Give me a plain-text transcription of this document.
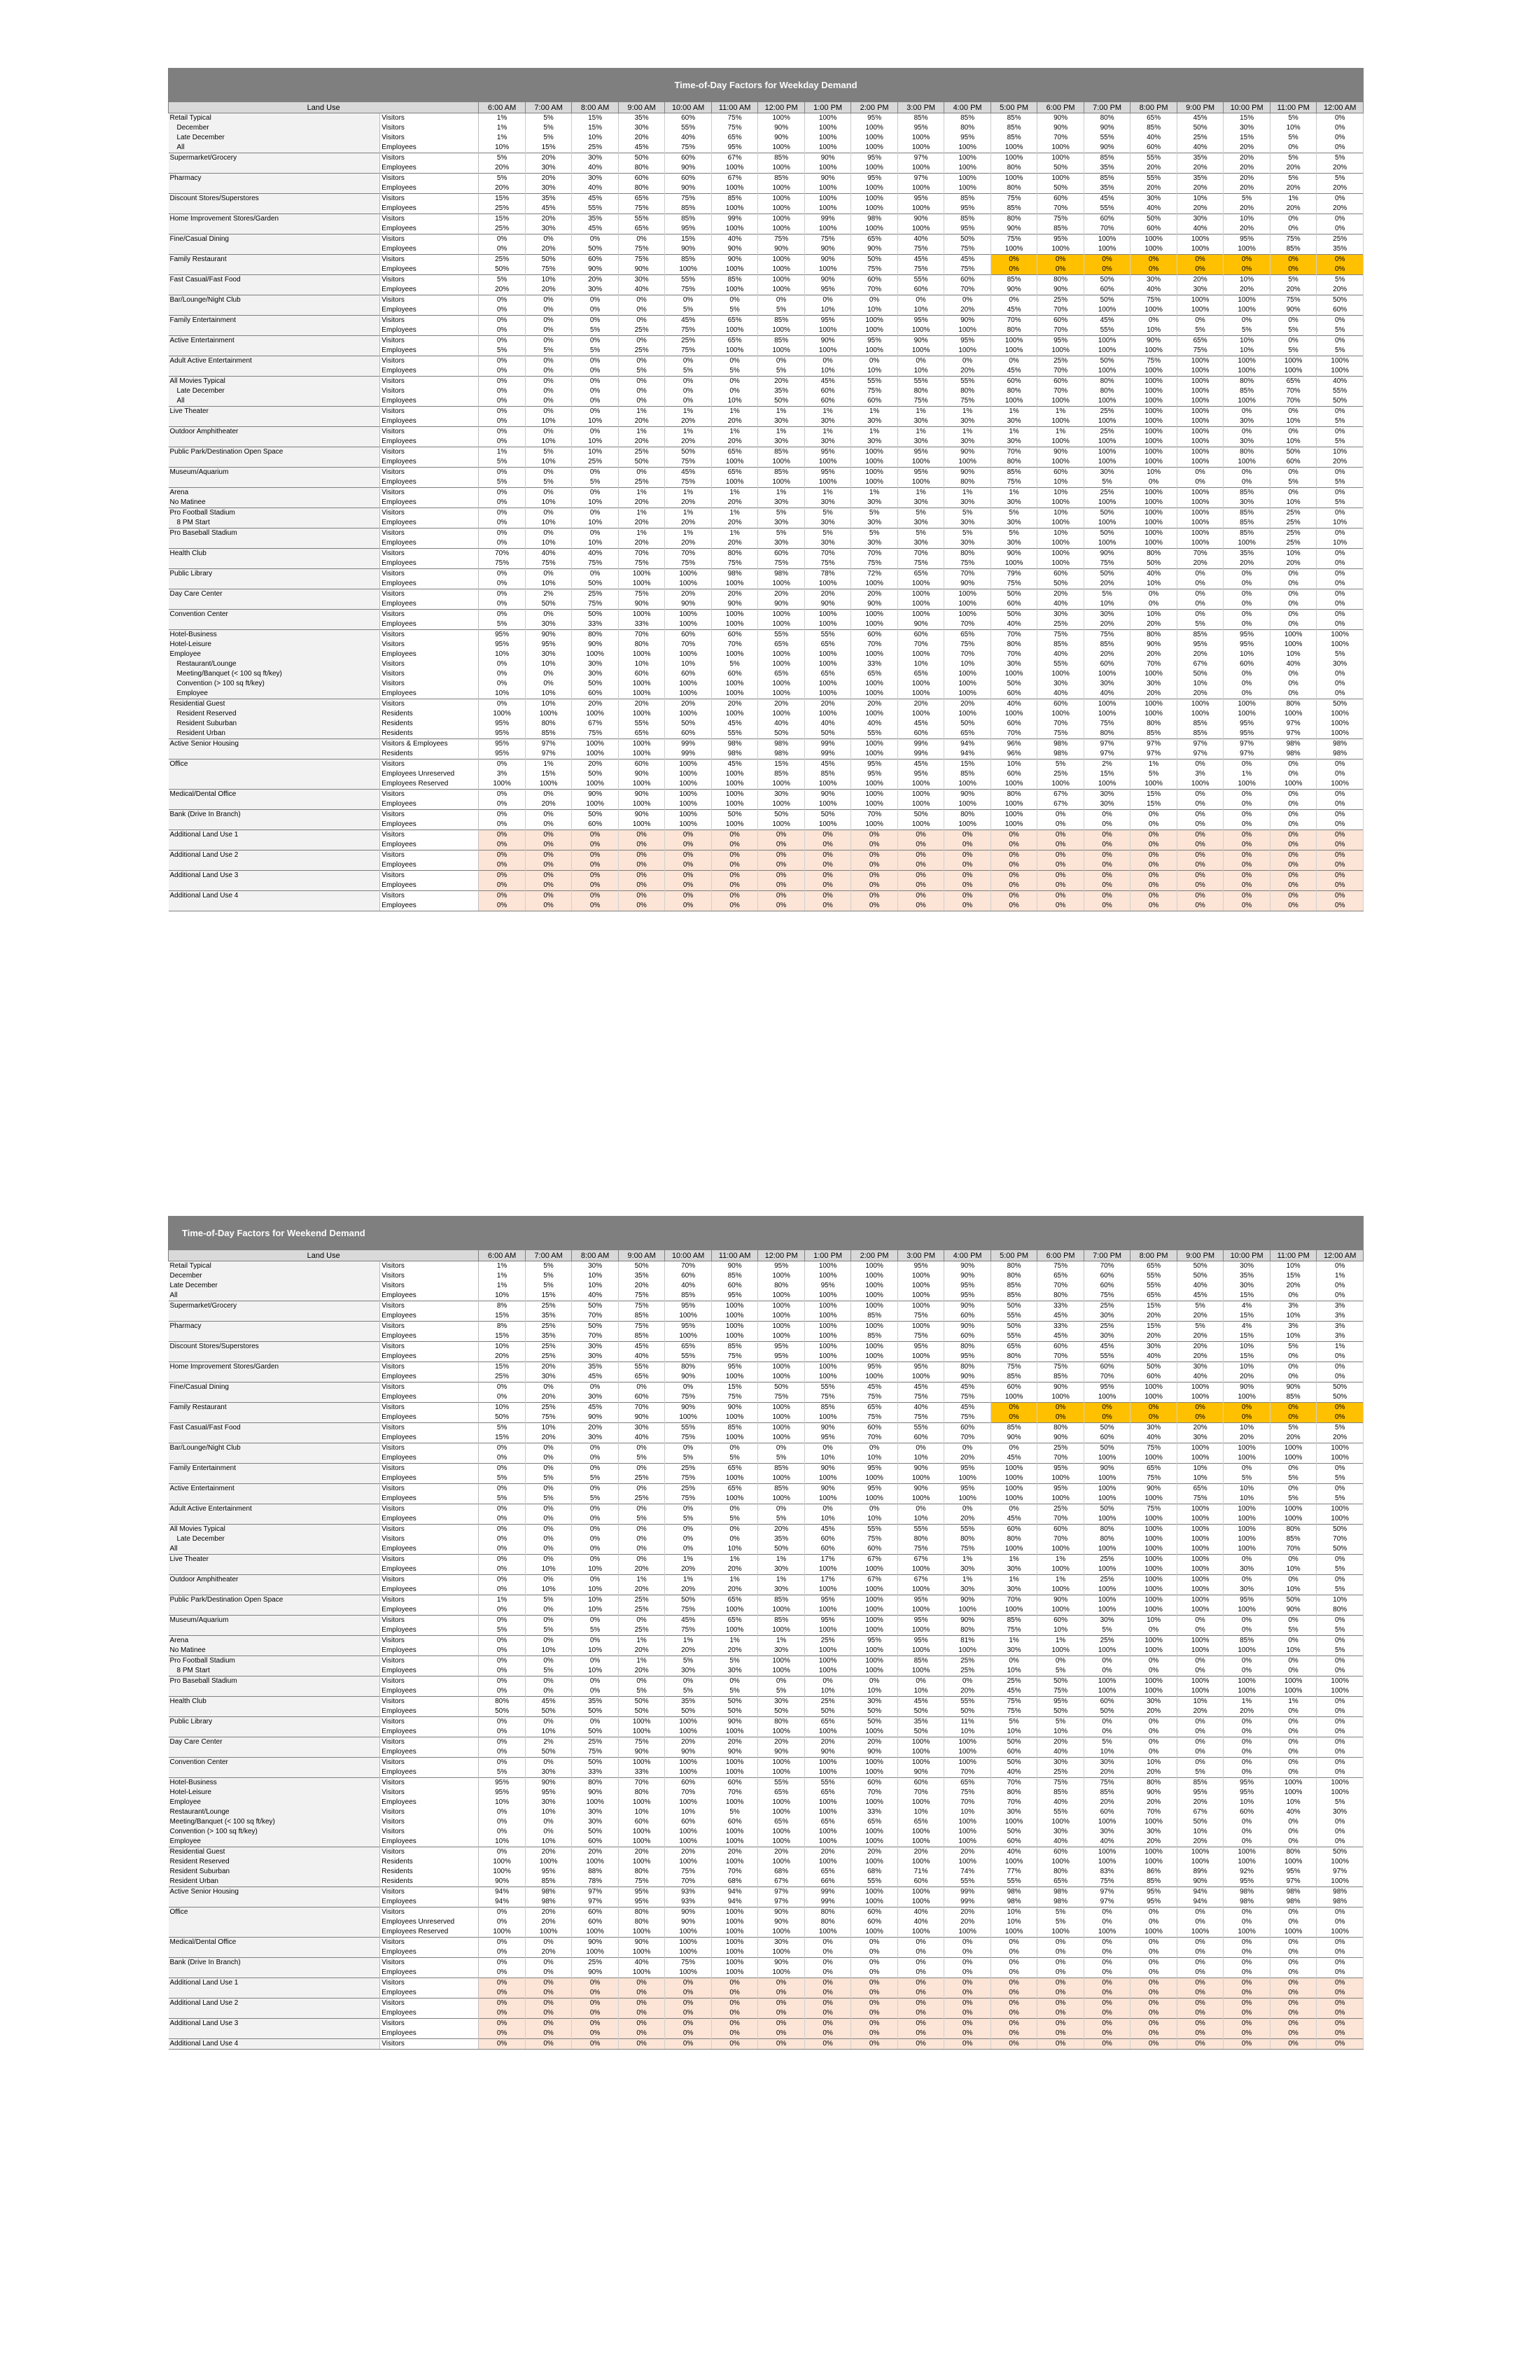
Time-of-Day Factors for Weekday Demand
Land Use		6:00 AM	7:00 AM	8:00 AM	9:00 AM	10:00 AM	11:00 AM	12:00 PM	1:00 PM	2:00 PM	3:00 PM	4:00 PM	5:00 PM	6:00 PM	7:00 PM	8:00 PM	9:00 PM	10:00 PM	11:00 PM	12:00 AM
Retail Typical	Visitors	1%	5%	15%	35%	60%	75%	100%	100%	95%	85%	85%	85%	90%	80%	65%	45%	15%	5%	0%
December	Visitors	1%	5%	15%	30%	55%	75%	90%	100%	100%	95%	80%	85%	90%	90%	85%	50%	30%	10%	0%
Late December	Visitors	1%	5%	10%	20%	40%	65%	90%	100%	100%	100%	95%	85%	70%	55%	40%	25%	15%	5%	0%
All	Employees	10%	15%	25%	45%	75%	95%	100%	100%	100%	100%	100%	100%	100%	90%	60%	40%	20%	0%	0%
Supermarket/Grocery	Visitors	5%	20%	30%	50%	60%	67%	85%	90%	95%	97%	100%	100%	100%	85%	55%	35%	20%	5%	5%
	Employees	20%	30%	40%	80%	90%	100%	100%	100%	100%	100%	100%	80%	50%	35%	20%	20%	20%	20%	20%
Pharmacy	Visitors	5%	20%	30%	60%	60%	67%	85%	90%	95%	97%	100%	100%	100%	85%	55%	35%	20%	5%	5%
	Employees	20%	30%	40%	80%	90%	100%	100%	100%	100%	100%	100%	80%	50%	35%	20%	20%	20%	20%	20%
Discount Stores/Superstores	Visitors	15%	35%	45%	65%	75%	85%	100%	100%	100%	95%	85%	75%	60%	45%	30%	10%	5%	1%	0%
	Employees	25%	45%	55%	75%	85%	100%	100%	100%	100%	100%	95%	85%	70%	55%	40%	20%	20%	20%	20%
Home Improvement Stores/Garden	Visitors	15%	20%	35%	55%	85%	99%	100%	99%	98%	90%	85%	80%	75%	60%	50%	30%	10%	0%	0%
	Employees	25%	30%	45%	65%	95%	100%	100%	100%	100%	100%	95%	90%	85%	70%	60%	40%	20%	0%	0%
Fine/Casual Dining	Visitors	0%	0%	0%	0%	15%	40%	75%	75%	65%	40%	50%	75%	95%	100%	100%	100%	95%	75%	25%
	Employees	0%	20%	50%	75%	90%	90%	90%	90%	90%	75%	75%	100%	100%	100%	100%	100%	100%	85%	35%
Family Restaurant	Visitors	25%	50%	60%	75%	85%	90%	100%	90%	50%	45%	45%	0%	0%	0%	0%	0%	0%	0%	0%
	Employees	50%	75%	90%	90%	100%	100%	100%	100%	75%	75%	75%	0%	0%	0%	0%	0%	0%	0%	0%
Fast Casual/Fast Food	Visitors	5%	10%	20%	30%	55%	85%	100%	90%	60%	55%	60%	85%	80%	50%	30%	20%	10%	5%	5%
	Employees	20%	20%	30%	40%	75%	100%	100%	95%	70%	60%	70%	90%	90%	60%	40%	30%	20%	20%	20%
Bar/Lounge/Night Club	Visitors	0%	0%	0%	0%	0%	0%	0%	0%	0%	0%	0%	0%	25%	50%	75%	100%	100%	75%	50%
	Employees	0%	0%	0%	0%	5%	5%	5%	10%	10%	10%	20%	45%	70%	100%	100%	100%	100%	90%	60%
Family Entertainment	Visitors	0%	0%	0%	0%	45%	65%	85%	95%	100%	95%	90%	70%	60%	45%	0%	0%	0%	0%	0%
	Employees	0%	0%	5%	25%	75%	100%	100%	100%	100%	100%	100%	80%	70%	55%	10%	5%	5%	5%	5%
Active Entertainment	Visitors	0%	0%	0%	0%	25%	65%	85%	90%	95%	90%	95%	100%	95%	100%	90%	65%	10%	0%	0%
	Employees	5%	5%	5%	25%	75%	100%	100%	100%	100%	100%	100%	100%	100%	100%	100%	75%	10%	5%	5%
Adult Active Entertainment	Visitors	0%	0%	0%	0%	0%	0%	0%	0%	0%	0%	0%	0%	25%	50%	75%	100%	100%	100%	100%
	Employees	0%	0%	0%	5%	5%	5%	5%	10%	10%	10%	20%	45%	70%	100%	100%	100%	100%	100%	100%
All Movies Typical	Visitors	0%	0%	0%	0%	0%	0%	20%	45%	55%	55%	55%	60%	60%	80%	100%	100%	80%	65%	40%
Late December	Visitors	0%	0%	0%	0%	0%	0%	35%	60%	75%	80%	80%	80%	70%	80%	100%	100%	85%	70%	55%
All	Employees	0%	0%	0%	0%	0%	10%	50%	60%	60%	75%	75%	100%	100%	100%	100%	100%	100%	70%	50%
Live Theater	Visitors	0%	0%	0%	1%	1%	1%	1%	1%	1%	1%	1%	1%	1%	25%	100%	100%	0%	0%	0%
	Employees	0%	10%	10%	20%	20%	20%	30%	30%	30%	30%	30%	30%	100%	100%	100%	100%	30%	10%	5%
Outdoor Amphitheater	Visitors	0%	0%	0%	1%	1%	1%	1%	1%	1%	1%	1%	1%	1%	25%	100%	100%	0%	0%	0%
	Employees	0%	10%	10%	20%	20%	20%	30%	30%	30%	30%	30%	30%	100%	100%	100%	100%	30%	10%	5%
Public Park/Destination Open Space	Visitors	1%	5%	10%	25%	50%	65%	85%	95%	100%	95%	90%	70%	90%	100%	100%	100%	80%	50%	10%
	Employees	5%	10%	25%	50%	75%	100%	100%	100%	100%	100%	100%	80%	100%	100%	100%	100%	100%	60%	20%
Museum/Aquarium	Visitors	0%	0%	0%	0%	45%	65%	85%	95%	100%	95%	90%	85%	60%	30%	10%	0%	0%	0%	0%
	Employees	5%	5%	5%	25%	75%	100%	100%	100%	100%	100%	80%	75%	10%	5%	0%	0%	0%	5%	5%
Arena	Visitors	0%	0%	0%	1%	1%	1%	1%	1%	1%	1%	1%	1%	10%	25%	100%	100%	85%	0%	0%
No Matinee	Employees	0%	10%	10%	20%	20%	20%	30%	30%	30%	30%	30%	30%	100%	100%	100%	100%	30%	10%	5%
Pro Football Stadium	Visitors	0%	0%	0%	1%	1%	1%	5%	5%	5%	5%	5%	5%	10%	50%	100%	100%	85%	25%	0%
8 PM Start	Employees	0%	10%	10%	20%	20%	20%	30%	30%	30%	30%	30%	30%	100%	100%	100%	100%	85%	25%	10%
Pro Baseball Stadium	Visitors	0%	0%	0%	1%	1%	1%	5%	5%	5%	5%	5%	5%	10%	50%	100%	100%	85%	25%	0%
	Employees	0%	10%	10%	20%	20%	20%	30%	30%	30%	30%	30%	30%	100%	100%	100%	100%	100%	25%	10%
Health Club	Visitors	70%	40%	40%	70%	70%	80%	60%	70%	70%	70%	80%	90%	100%	90%	80%	70%	35%	10%	0%
	Employees	75%	75%	75%	75%	75%	75%	75%	75%	75%	75%	75%	100%	100%	75%	50%	20%	20%	20%	0%
Public Library	Visitors	0%	0%	0%	100%	100%	98%	98%	78%	72%	65%	70%	79%	60%	50%	40%	0%	0%	0%	0%
	Employees	0%	10%	50%	100%	100%	100%	100%	100%	100%	100%	90%	75%	50%	20%	10%	0%	0%	0%	0%
Day Care Center	Visitors	0%	2%	25%	75%	20%	20%	20%	20%	20%	100%	100%	50%	20%	5%	0%	0%	0%	0%	0%
	Employees	0%	50%	75%	90%	90%	90%	90%	90%	90%	100%	100%	60%	40%	10%	0%	0%	0%	0%	0%
Convention Center	Visitors	0%	0%	50%	100%	100%	100%	100%	100%	100%	100%	100%	50%	30%	30%	10%	0%	0%	0%	0%
	Employees	5%	30%	33%	33%	100%	100%	100%	100%	100%	90%	70%	40%	25%	20%	20%	5%	0%	0%	0%
Hotel-Business	Visitors	95%	90%	80%	70%	60%	60%	55%	55%	60%	60%	65%	70%	75%	75%	80%	85%	95%	100%	100%
Hotel-Leisure	Visitors	95%	95%	90%	80%	70%	70%	65%	65%	70%	70%	75%	80%	85%	85%	90%	95%	95%	100%	100%
Employee	Employees	10%	30%	100%	100%	100%	100%	100%	100%	100%	100%	70%	70%	40%	20%	20%	20%	10%	10%	5%
Restaurant/Lounge	Visitors	0%	10%	30%	10%	10%	5%	100%	100%	33%	10%	10%	30%	55%	60%	70%	67%	60%	40%	30%
Meeting/Banquet (< 100 sq ft/key)	Visitors	0%	0%	30%	60%	60%	60%	65%	65%	65%	65%	100%	100%	100%	100%	100%	50%	0%	0%	0%
Convention (> 100 sq ft/key)	Visitors	0%	0%	50%	100%	100%	100%	100%	100%	100%	100%	100%	50%	30%	30%	30%	10%	0%	0%	0%
Employee	Employees	10%	10%	60%	100%	100%	100%	100%	100%	100%	100%	100%	60%	40%	40%	20%	20%	0%	0%	0%
Residential Guest	Visitors	0%	10%	20%	20%	20%	20%	20%	20%	20%	20%	20%	40%	60%	100%	100%	100%	100%	80%	50%
Resident Reserved	Residents	100%	100%	100%	100%	100%	100%	100%	100%	100%	100%	100%	100%	100%	100%	100%	100%	100%	100%	100%
Resident Suburban	Residents	95%	80%	67%	55%	50%	45%	40%	40%	40%	45%	50%	60%	70%	75%	80%	85%	95%	97%	100%
Resident Urban	Residents	95%	85%	75%	65%	60%	55%	50%	50%	55%	60%	65%	70%	75%	80%	85%	85%	95%	97%	100%
Active Senior Housing	Visitors & Employees	95%	97%	100%	100%	99%	98%	98%	99%	100%	99%	94%	96%	98%	97%	97%	97%	97%	98%	98%
	Residents	95%	97%	100%	100%	99%	98%	98%	99%	100%	99%	94%	96%	98%	97%	97%	97%	97%	98%	98%
Office	Visitors	0%	1%	20%	60%	100%	45%	15%	45%	95%	45%	15%	10%	5%	2%	1%	0%	0%	0%	0%
	Employees Unreserved	3%	15%	50%	90%	100%	100%	85%	85%	95%	95%	85%	60%	25%	15%	5%	3%	1%	0%	0%
	Employees Reserved	100%	100%	100%	100%	100%	100%	100%	100%	100%	100%	100%	100%	100%	100%	100%	100%	100%	100%	100%
Medical/Dental Office	Visitors	0%	0%	90%	90%	100%	100%	30%	90%	100%	100%	90%	80%	67%	30%	15%	0%	0%	0%	0%
	Employees	0%	20%	100%	100%	100%	100%	100%	100%	100%	100%	100%	100%	67%	30%	15%	0%	0%	0%	0%
Bank (Drive In Branch)	Visitors	0%	0%	50%	90%	100%	50%	50%	50%	70%	50%	80%	100%	0%	0%	0%	0%	0%	0%	0%
	Employees	0%	0%	60%	100%	100%	100%	100%	100%	100%	100%	100%	100%	0%	0%	0%	0%	0%	0%	0%
Additional Land Use 1	Visitors	0%	0%	0%	0%	0%	0%	0%	0%	0%	0%	0%	0%	0%	0%	0%	0%	0%	0%	0%
	Employees	0%	0%	0%	0%	0%	0%	0%	0%	0%	0%	0%	0%	0%	0%	0%	0%	0%	0%	0%
Additional Land Use 2	Visitors	0%	0%	0%	0%	0%	0%	0%	0%	0%	0%	0%	0%	0%	0%	0%	0%	0%	0%	0%
	Employees	0%	0%	0%	0%	0%	0%	0%	0%	0%	0%	0%	0%	0%	0%	0%	0%	0%	0%	0%
Additional Land Use 3	Visitors	0%	0%	0%	0%	0%	0%	0%	0%	0%	0%	0%	0%	0%	0%	0%	0%	0%	0%	0%
	Employees	0%	0%	0%	0%	0%	0%	0%	0%	0%	0%	0%	0%	0%	0%	0%	0%	0%	0%	0%
Additional Land Use 4	Visitors	0%	0%	0%	0%	0%	0%	0%	0%	0%	0%	0%	0%	0%	0%	0%	0%	0%	0%	0%
	Employees	0%	0%	0%	0%	0%	0%	0%	0%	0%	0%	0%	0%	0%	0%	0%	0%	0%	0%	0%
Time-of-Day Factors for Weekend Demand
Land Use		6:00 AM	7:00 AM	8:00 AM	9:00 AM	10:00 AM	11:00 AM	12:00 PM	1:00 PM	2:00 PM	3:00 PM	4:00 PM	5:00 PM	6:00 PM	7:00 PM	8:00 PM	9:00 PM	10:00 PM	11:00 PM	12:00 AM
Retail Typical	Visitors	1%	5%	30%	50%	70%	90%	95%	100%	100%	95%	90%	80%	75%	70%	65%	50%	30%	10%	0%
December	Visitors	1%	5%	10%	35%	60%	85%	100%	100%	100%	100%	90%	80%	65%	60%	55%	50%	35%	15%	1%
Late December	Visitors	1%	5%	10%	20%	40%	60%	80%	95%	100%	100%	95%	85%	70%	60%	55%	40%	30%	20%	0%
All	Employees	10%	15%	40%	75%	85%	95%	100%	100%	100%	100%	95%	85%	80%	75%	65%	45%	15%	0%	0%
Supermarket/Grocery	Visitors	8%	25%	50%	75%	95%	100%	100%	100%	100%	100%	90%	50%	33%	25%	15%	5%	4%	3%	3%
	Employees	15%	35%	70%	85%	100%	100%	100%	100%	85%	75%	60%	55%	45%	30%	20%	20%	15%	10%	3%
Pharmacy	Visitors	8%	25%	50%	75%	95%	100%	100%	100%	100%	100%	90%	50%	33%	25%	15%	5%	4%	3%	3%
	Employees	15%	35%	70%	85%	100%	100%	100%	100%	85%	75%	60%	55%	45%	30%	20%	20%	15%	10%	3%
Discount Stores/Superstores	Visitors	10%	25%	30%	45%	65%	85%	95%	100%	100%	95%	80%	65%	60%	45%	30%	20%	10%	5%	1%
	Employees	20%	25%	30%	40%	55%	75%	95%	100%	100%	100%	95%	80%	70%	55%	40%	20%	15%	0%	0%
Home Improvement Stores/Garden	Visitors	15%	20%	35%	55%	80%	95%	100%	100%	95%	95%	80%	75%	75%	60%	50%	30%	10%	0%	0%
	Employees	25%	30%	45%	65%	90%	100%	100%	100%	100%	100%	90%	85%	85%	70%	60%	40%	20%	0%	0%
Fine/Casual Dining	Visitors	0%	0%	0%	0%	0%	15%	50%	55%	45%	45%	45%	60%	90%	95%	100%	100%	90%	90%	50%
	Employees	0%	20%	30%	60%	75%	75%	75%	75%	75%	75%	75%	100%	100%	100%	100%	100%	100%	85%	50%
Family Restaurant	Visitors	10%	25%	45%	70%	90%	90%	100%	85%	65%	40%	45%	0%	0%	0%	0%	0%	0%	0%	0%
	Employees	50%	75%	90%	90%	100%	100%	100%	100%	75%	75%	75%	0%	0%	0%	0%	0%	0%	0%	0%
Fast Casual/Fast Food	Visitors	5%	10%	20%	30%	55%	85%	100%	90%	60%	55%	60%	85%	80%	50%	30%	20%	10%	5%	5%
	Employees	15%	20%	30%	40%	75%	100%	100%	95%	70%	60%	70%	90%	90%	60%	40%	30%	20%	20%	20%
Bar/Lounge/Night Club	Visitors	0%	0%	0%	0%	0%	0%	0%	0%	0%	0%	0%	0%	25%	50%	75%	100%	100%	100%	100%
	Employees	0%	0%	0%	5%	5%	5%	5%	10%	10%	10%	20%	45%	70%	100%	100%	100%	100%	100%	100%
Family Entertainment	Visitors	0%	0%	0%	0%	25%	65%	85%	90%	95%	90%	95%	100%	95%	90%	65%	10%	0%	0%	0%
	Employees	5%	5%	5%	25%	75%	100%	100%	100%	100%	100%	100%	100%	100%	100%	75%	10%	5%	5%	5%
Active Entertainment	Visitors	0%	0%	0%	0%	25%	65%	85%	90%	95%	90%	95%	100%	95%	100%	90%	65%	10%	0%	0%
	Employees	5%	5%	5%	25%	75%	100%	100%	100%	100%	100%	100%	100%	100%	100%	100%	75%	10%	5%	5%
Adult Active Entertainment	Visitors	0%	0%	0%	0%	0%	0%	0%	0%	0%	0%	0%	0%	25%	50%	75%	100%	100%	100%	100%
	Employees	0%	0%	0%	5%	5%	5%	5%	10%	10%	10%	20%	45%	70%	100%	100%	100%	100%	100%	100%
All Movies Typical	Visitors	0%	0%	0%	0%	0%	0%	20%	45%	55%	55%	55%	60%	60%	80%	100%	100%	100%	80%	50%
Late December	Visitors	0%	0%	0%	0%	0%	0%	35%	60%	75%	80%	80%	80%	70%	80%	100%	100%	100%	85%	70%
All	Employees	0%	0%	0%	0%	0%	10%	50%	60%	60%	75%	75%	100%	100%	100%	100%	100%	100%	70%	50%
Live Theater	Visitors	0%	0%	0%	0%	1%	1%	1%	17%	67%	67%	1%	1%	1%	25%	100%	100%	0%	0%	0%
	Employees	0%	10%	10%	20%	20%	20%	30%	100%	100%	100%	30%	30%	100%	100%	100%	100%	30%	10%	5%
Outdoor Amphitheater	Visitors	0%	0%	0%	1%	1%	1%	1%	17%	67%	67%	1%	1%	1%	25%	100%	100%	0%	0%	0%
	Employees	0%	10%	10%	20%	20%	20%	30%	100%	100%	100%	30%	30%	100%	100%	100%	100%	30%	10%	5%
Public Park/Destination Open Space	Visitors	1%	5%	10%	25%	50%	65%	85%	95%	100%	95%	90%	70%	90%	100%	100%	100%	95%	50%	10%
	Employees	0%	0%	10%	25%	75%	100%	100%	100%	100%	100%	100%	100%	100%	100%	100%	100%	100%	90%	80%
Museum/Aquarium	Visitors	0%	0%	0%	0%	45%	65%	85%	95%	100%	95%	90%	85%	60%	30%	10%	0%	0%	0%	0%
	Employees	5%	5%	5%	25%	75%	100%	100%	100%	100%	100%	80%	75%	10%	5%	0%	0%	0%	5%	5%
Arena	Visitors	0%	0%	0%	1%	1%	1%	1%	25%	95%	95%	81%	1%	1%	25%	100%	100%	85%	0%	0%
No Matinee	Employees	0%	10%	10%	20%	20%	20%	30%	100%	100%	100%	100%	30%	100%	100%	100%	100%	100%	10%	5%
Pro Football Stadium	Visitors	0%	0%	0%	1%	5%	5%	100%	100%	100%	85%	25%	0%	0%	0%	0%	0%	0%	0%	0%
8 PM Start	Employees	0%	5%	10%	20%	30%	30%	100%	100%	100%	100%	25%	10%	5%	0%	0%	0%	0%	0%	0%
Pro Baseball Stadium	Visitors	0%	0%	0%	0%	0%	0%	0%	0%	0%	0%	0%	25%	50%	100%	100%	100%	100%	100%	100%
	Employees	0%	0%	0%	5%	5%	5%	5%	10%	10%	10%	20%	45%	75%	100%	100%	100%	100%	100%	100%
Health Club	Visitors	80%	45%	35%	50%	35%	50%	30%	25%	30%	45%	55%	75%	95%	60%	30%	10%	1%	1%	0%
	Employees	50%	50%	50%	50%	50%	50%	50%	50%	50%	50%	50%	75%	50%	50%	20%	20%	20%	0%	0%
Public Library	Visitors	0%	0%	0%	100%	100%	90%	80%	65%	50%	35%	11%	5%	5%	0%	0%	0%	0%	0%	0%
	Employees	0%	10%	50%	100%	100%	100%	100%	100%	100%	50%	10%	10%	10%	0%	0%	0%	0%	0%	0%
Day Care Center	Visitors	0%	2%	25%	75%	20%	20%	20%	20%	20%	100%	100%	50%	20%	5%	0%	0%	0%	0%	0%
	Employees	0%	50%	75%	90%	90%	90%	90%	90%	90%	100%	100%	60%	40%	10%	0%	0%	0%	0%	0%
Convention Center	Visitors	0%	0%	50%	100%	100%	100%	100%	100%	100%	100%	100%	50%	30%	30%	10%	0%	0%	0%	0%
	Employees	5%	30%	33%	33%	100%	100%	100%	100%	100%	90%	70%	40%	25%	20%	20%	5%	0%	0%	0%
Hotel-Business	Visitors	95%	90%	80%	70%	60%	60%	55%	55%	60%	60%	65%	70%	75%	75%	80%	85%	95%	100%	100%
Hotel-Leisure	Visitors	95%	95%	90%	80%	70%	70%	65%	65%	70%	70%	75%	80%	85%	85%	90%	95%	95%	100%	100%
Employee	Employees	10%	30%	100%	100%	100%	100%	100%	100%	100%	100%	70%	70%	40%	20%	20%	20%	10%	10%	5%
Restaurant/Lounge	Visitors	0%	10%	30%	10%	10%	5%	100%	100%	33%	10%	10%	30%	55%	60%	70%	67%	60%	40%	30%
Meeting/Banquet (< 100 sq ft/key)	Visitors	0%	0%	30%	60%	60%	60%	65%	65%	65%	65%	100%	100%	100%	100%	100%	50%	0%	0%	0%
Convention (> 100 sq ft/key)	Visitors	0%	0%	50%	100%	100%	100%	100%	100%	100%	100%	100%	50%	30%	30%	30%	10%	0%	0%	0%
Employee	Employees	10%	10%	60%	100%	100%	100%	100%	100%	100%	100%	100%	60%	40%	40%	20%	20%	0%	0%	0%
Residential Guest	Visitors	0%	20%	20%	20%	20%	20%	20%	20%	20%	20%	20%	40%	60%	100%	100%	100%	100%	80%	50%
Resident Reserved	Residents	100%	100%	100%	100%	100%	100%	100%	100%	100%	100%	100%	100%	100%	100%	100%	100%	100%	100%	100%
Resident Suburban	Residents	100%	95%	88%	80%	75%	70%	68%	65%	68%	71%	74%	77%	80%	83%	86%	89%	92%	95%	97%
Resident Urban	Residents	90%	85%	78%	75%	70%	68%	67%	66%	55%	60%	55%	55%	65%	75%	85%	90%	95%	97%	100%
Active Senior Housing	Visitors	94%	98%	97%	95%	93%	94%	97%	99%	100%	100%	99%	98%	98%	97%	95%	94%	98%	98%	98%
	Employees	94%	98%	97%	95%	93%	94%	97%	99%	100%	100%	99%	98%	98%	97%	95%	94%	98%	98%	98%
Office	Visitors	0%	20%	60%	80%	90%	100%	90%	80%	60%	40%	20%	10%	5%	0%	0%	0%	0%	0%	0%
	Employees Unreserved	0%	20%	60%	80%	90%	100%	90%	80%	60%	40%	20%	10%	5%	0%	0%	0%	0%	0%	0%
	Employees Reserved	100%	100%	100%	100%	100%	100%	100%	100%	100%	100%	100%	100%	100%	100%	100%	100%	100%	100%	100%
Medical/Dental Office	Visitors	0%	0%	90%	90%	100%	100%	30%	0%	0%	0%	0%	0%	0%	0%	0%	0%	0%	0%	0%
	Employees	0%	20%	100%	100%	100%	100%	100%	0%	0%	0%	0%	0%	0%	0%	0%	0%	0%	0%	0%
Bank (Drive In Branch)	Visitors	0%	0%	25%	40%	75%	100%	90%	0%	0%	0%	0%	0%	0%	0%	0%	0%	0%	0%	0%
	Employees	0%	0%	90%	100%	100%	100%	100%	0%	0%	0%	0%	0%	0%	0%	0%	0%	0%	0%	0%
Additional Land Use 1	Visitors	0%	0%	0%	0%	0%	0%	0%	0%	0%	0%	0%	0%	0%	0%	0%	0%	0%	0%	0%
	Employees	0%	0%	0%	0%	0%	0%	0%	0%	0%	0%	0%	0%	0%	0%	0%	0%	0%	0%	0%
Additional Land Use 2	Visitors	0%	0%	0%	0%	0%	0%	0%	0%	0%	0%	0%	0%	0%	0%	0%	0%	0%	0%	0%
	Employees	0%	0%	0%	0%	0%	0%	0%	0%	0%	0%	0%	0%	0%	0%	0%	0%	0%	0%	0%
Additional Land Use 3	Visitors	0%	0%	0%	0%	0%	0%	0%	0%	0%	0%	0%	0%	0%	0%	0%	0%	0%	0%	0%
	Employees	0%	0%	0%	0%	0%	0%	0%	0%	0%	0%	0%	0%	0%	0%	0%	0%	0%	0%	0%
Additional Land Use 4	Visitors	0%	0%	0%	0%	0%	0%	0%	0%	0%	0%	0%	0%	0%	0%	0%	0%	0%	0%	0%
